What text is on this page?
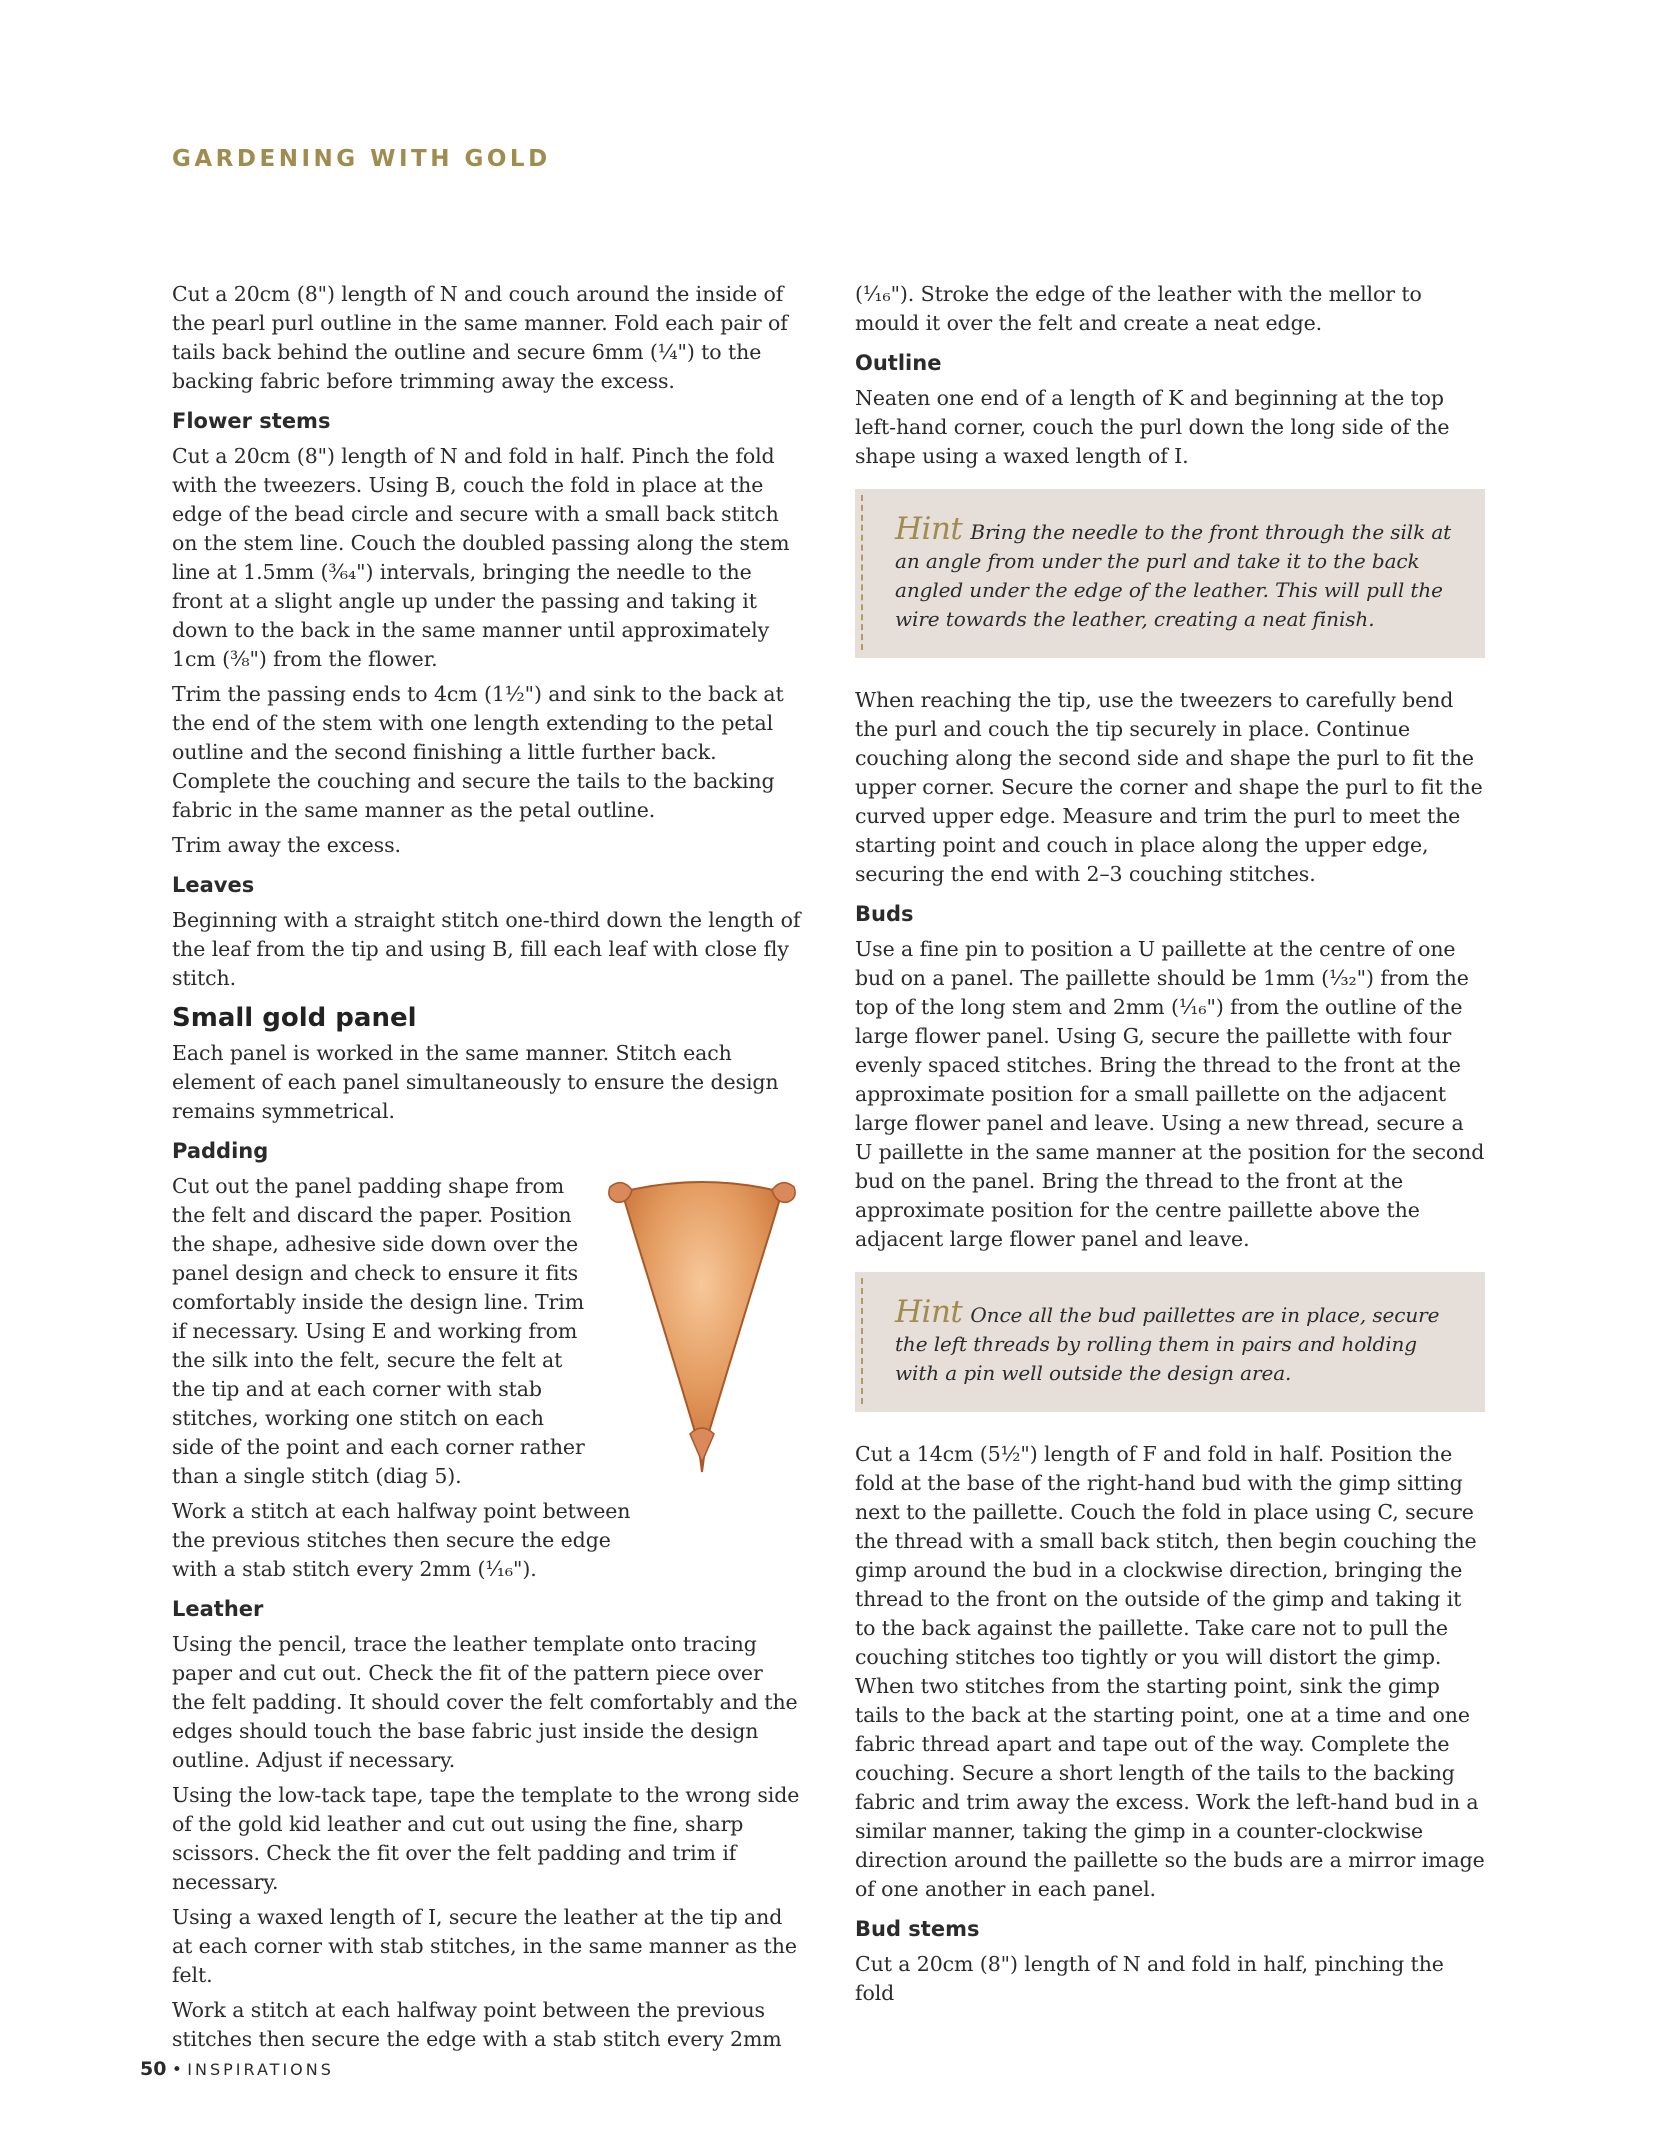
GARDENING WITH GOLD

Cut a 20cm (8") length of N and couch around the inside of the pearl purl outline in the same manner. Fold each pair of tails back behind the outline and secure 6mm (¼") to the backing fabric before trimming away the excess.

Flower stems

Cut a 20cm (8") length of N and fold in half. Pinch the fold with the tweezers. Using B, couch the fold in place at the edge of the bead circle and secure with a small back stitch on the stem line. Couch the doubled passing along the stem line at 1.5mm (³⁄₆₄") intervals, bringing the needle to the front at a slight angle up under the passing and taking it down to the back in the same manner until approximately 1cm (³⁄₈") from the flower.

Trim the passing ends to 4cm (1½") and sink to the back at the end of the stem with one length extending to the petal outline and the second finishing a little further back. Complete the couching and secure the tails to the backing fabric in the same manner as the petal outline.

Trim away the excess.

Leaves

Beginning with a straight stitch one-third down the length of the leaf from the tip and using B, fill each leaf with close fly stitch.

Small gold panel

Each panel is worked in the same manner. Stitch each element of each panel simultaneously to ensure the design remains symmetrical.

Padding

Cut out the panel padding shape from the felt and discard the paper. Position the shape, adhesive side down over the panel design and check to ensure it fits comfortably inside the design line. Trim if necessary. Using E and working from the silk into the felt, secure the felt at the tip and at each corner with stab stitches, working one stitch on each side of the point and each corner rather than a single stitch (diag 5).

Work a stitch at each halfway point between the previous stitches then secure the edge with a stab stitch every 2mm (¹⁄₁₆").

Leather

Using the pencil, trace the leather template onto tracing paper and cut out. Check the fit of the pattern piece over the felt padding. It should cover the felt comfortably and the edges should touch the base fabric just inside the design outline. Adjust if necessary.

Using the low-tack tape, tape the template to the wrong side of the gold kid leather and cut out using the fine, sharp scissors. Check the fit over the felt padding and trim if necessary.

Using a waxed length of I, secure the leather at the tip and at each corner with stab stitches, in the same manner as the felt.

Work a stitch at each halfway point between the previous stitches then secure the edge with a stab stitch every 2mm

(¹⁄₁₆"). Stroke the edge of the leather with the mellor to mould it over the felt and create a neat edge.

Outline

Neaten one end of a length of K and beginning at the top left-hand corner, couch the purl down the long side of the shape using a waxed length of I.

Hint Bring the needle to the front through the silk at an angle from under the purl and take it to the back angled under the edge of the leather. This will pull the wire towards the leather, creating a neat finish.

When reaching the tip, use the tweezers to carefully bend the purl and couch the tip securely in place. Continue couching along the second side and shape the purl to fit the upper corner. Secure the corner and shape the purl to fit the curved upper edge. Measure and trim the purl to meet the starting point and couch in place along the upper edge, securing the end with 2–3 couching stitches.

Buds

Use a fine pin to position a U paillette at the centre of one bud on a panel. The paillette should be 1mm (¹⁄₃₂") from the top of the long stem and 2mm (¹⁄₁₆") from the outline of the large flower panel. Using G, secure the paillette with four evenly spaced stitches. Bring the thread to the front at the approximate position for a small paillette on the adjacent large flower panel and leave. Using a new thread, secure a U paillette in the same manner at the position for the second bud on the panel. Bring the thread to the front at the approximate position for the centre paillette above the adjacent large flower panel and leave.

Hint Once all the bud paillettes are in place, secure the left threads by rolling them in pairs and holding with a pin well outside the design area.

Cut a 14cm (5½") length of F and fold in half. Position the fold at the base of the right-hand bud with the gimp sitting next to the paillette. Couch the fold in place using C, secure the thread with a small back stitch, then begin couching the gimp around the bud in a clockwise direction, bringing the thread to the front on the outside of the gimp and taking it to the back against the paillette. Take care not to pull the couching stitches too tightly or you will distort the gimp. When two stitches from the starting point, sink the gimp tails to the back at the starting point, one at a time and one fabric thread apart and tape out of the way. Complete the couching. Secure a short length of the tails to the backing fabric and trim away the excess. Work the left-hand bud in a similar manner, taking the gimp in a counter-clockwise direction around the paillette so the buds are a mirror image of one another in each panel.

Bud stems

Cut a 20cm (8") length of N and fold in half, pinching the fold

50 • INSPIRATIONS
